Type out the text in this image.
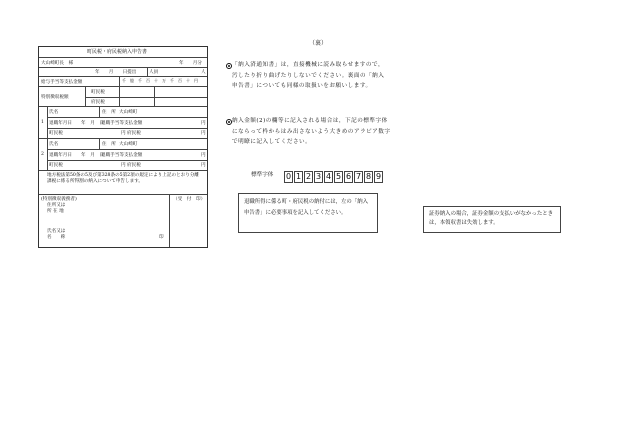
（裏）
町民税・府民税納入申告書
大山崎町長　様	年　　月分
年　　月　　日提出	人員	人
給与手当等支払金額	千　億　千　百　十　万　千　百　十　円
特別徴収税額
町民税
府民税
1
氏名	住　所 大山崎町
退職年月日 年　月　日
退職手当等支払金額	円
町民税	円 府民税	円
2
氏名	住　所 大山崎町
退職年月日 年　月　日
退職手当等支払金額	円
町民税	円 府民税	円
地方税法第50条の5及び第328条の5第2項の規定により上記のとおり分離課税に係る所得割の納入について申告します。
(特別徴収義務者)
住所又は
所 在 地
氏名又は
名　　称	印
（受　付　印）
「納入済通知書」は，直接機械に読み取らせますので，汚したり折り曲げたりしないでください。裏面の「納入申告書」についても同様の取扱いをお願いします。
納入金額(2)の欄等に記入される場合は，下記の標準字体にならって枠からはみ出さないよう大きめのアラビア数字で明瞭に記入してください。
標準字体 0 1 2 3 4 5 6 7 8 9
退職所得に係る町・府民税の納付には，左の「納入申告書」に必要事項を記入してください。	証券納入の場合，証券金額の支払いがなかったときは，本領収書は失効します。
